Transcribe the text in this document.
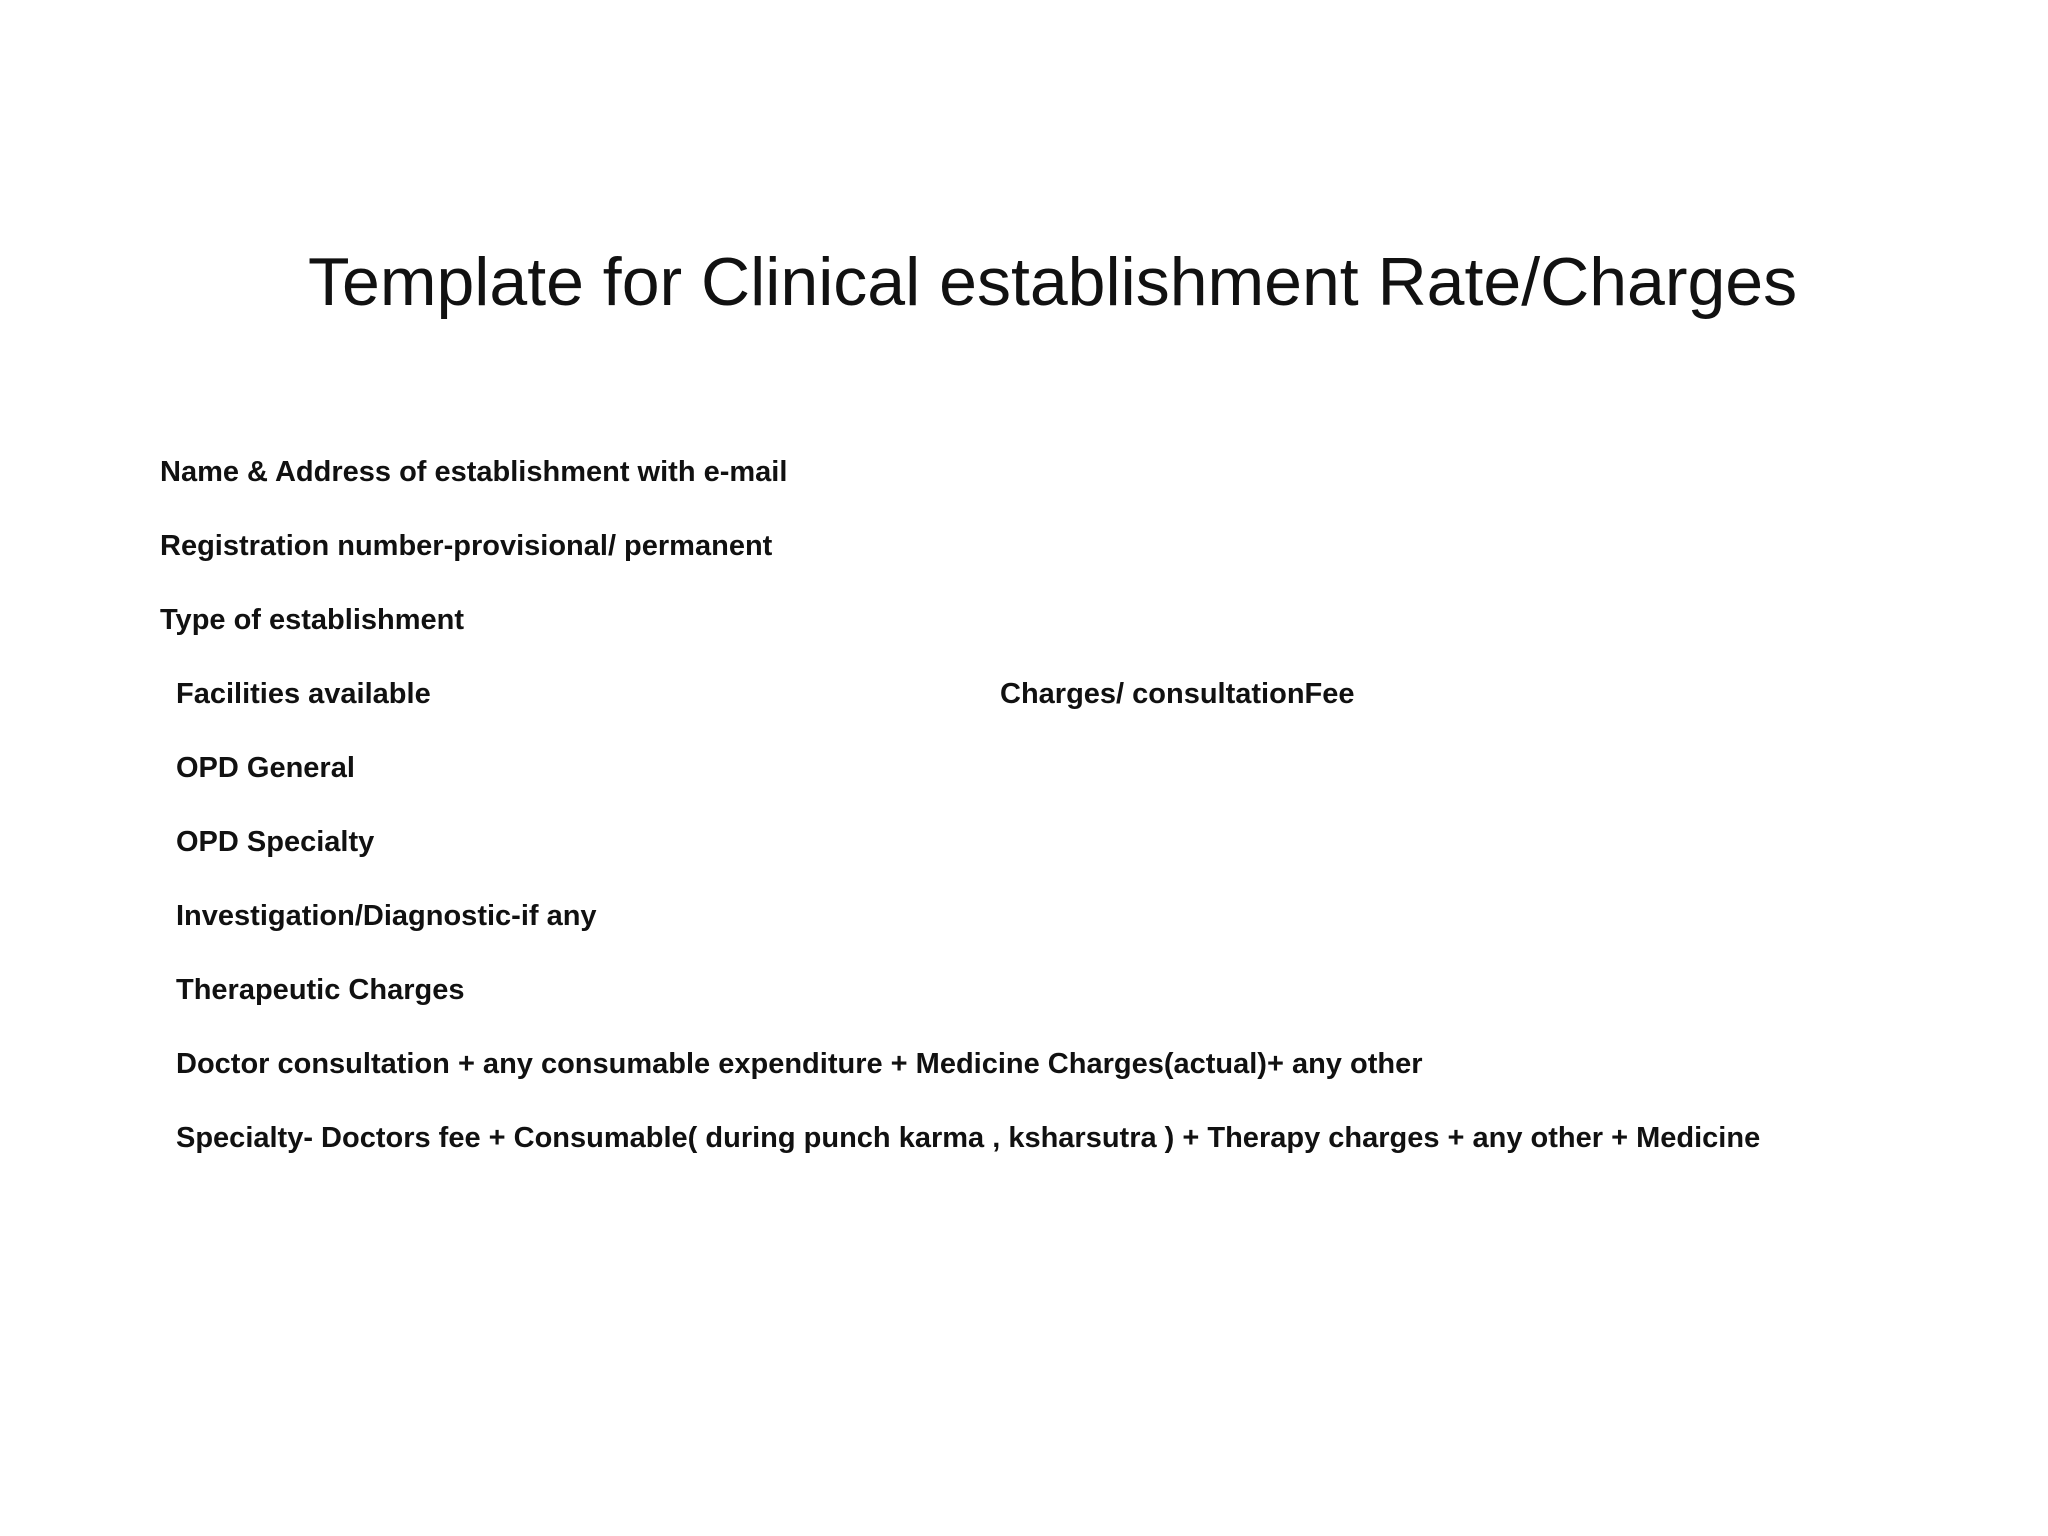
Template for Clinical establishment Rate/Charges
Name & Address of establishment with e-mail
Registration number-provisional/ permanent
Type of establishment
Facilities available	Charges/ consultationFee
OPD General
OPD Specialty
Investigation/Diagnostic-if any
Therapeutic Charges
Doctor consultation + any consumable expenditure + Medicine Charges(actual)+ any other
Specialty- Doctors fee + Consumable( during punch karma , ksharsutra ) + Therapy charges + any other + Medicine
